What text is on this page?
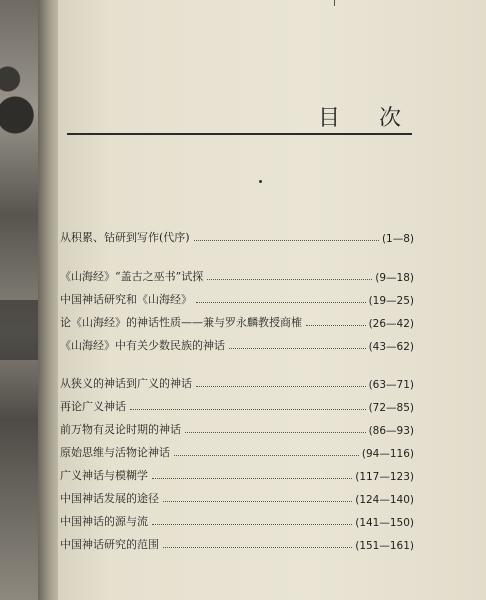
目 次
从积累、钻研到写作(代序)	(1—8)
《山海经》“盖古之巫书”试探	(9—18)
中国神话研究和《山海经》	(19—25)
论《山海经》的神话性质——兼与罗永麟教授商榷	(26—42)
《山海经》中有关少数民族的神话	(43—62)
从狭义的神话到广义的神话	(63—71)
再论广义神话	(72—85)
前万物有灵论时期的神话	(86—93)
原始思维与活物论神话	(94—116)
广义神话与模糊学	(117—123)
中国神话发展的途径	(124—140)
中国神话的源与流	(141—150)
中国神话研究的范围	(151—161)
